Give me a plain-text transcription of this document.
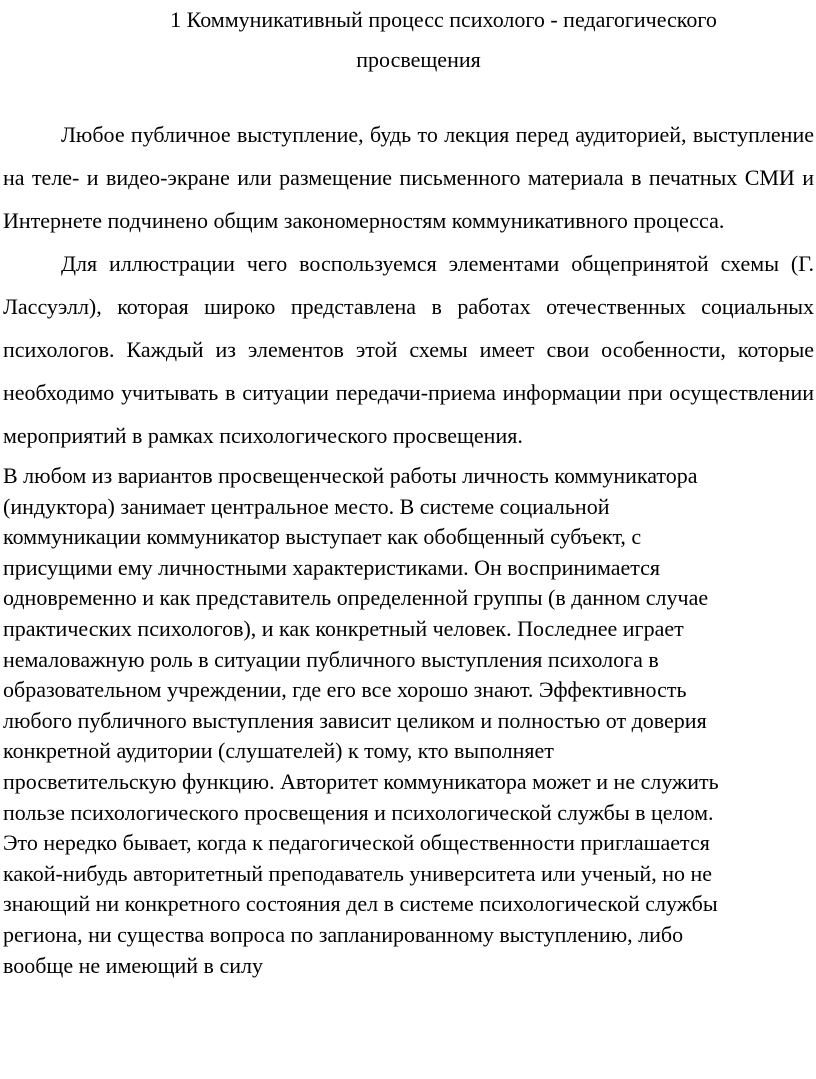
1 Коммуникативный процесс психолого - педагогического
просвещения

Любое публичное выступление, будь то лекция перед аудиторией, выступление на теле- и видео-экране или размещение письменного материала в печатных СМИ и Интернете подчинено общим закономерностям коммуникативного процесса.

Для иллюстрации чего воспользуемся элементами общепринятой схемы (Г. Лассуэлл), которая широко представлена в работах отечественных социальных психологов. Каждый из элементов этой схемы имеет свои особенности, которые необходимо учитывать в ситуации передачи-приема информации при осуществлении мероприятий в рамках психологического просвещения.

В любом из вариантов просвещенческой работы личность коммуникатора
(индуктора) занимает центральное место. В системе социальной
коммуникации коммуникатор выступает как обобщенный субъект, с
присущими ему личностными характеристиками. Он воспринимается
одновременно и как представитель определенной группы (в данном случае
практических психологов), и как конкретный человек. Последнее играет
немаловажную роль в ситуации публичного выступления психолога в
образовательном учреждении, где его все хорошо знают. Эффективность
любого публичного выступления зависит целиком и полностью от доверия
конкретной аудитории (слушателей) к тому, кто выполняет
просветительскую функцию. Авторитет коммуникатора может и не служить
пользе психологического просвещения и психологической службы в целом.
Это нередко бывает, когда к педагогической общественности приглашается
какой-нибудь авторитетный преподаватель университета или ученый, но не
знающий ни конкретного состояния дел в системе психологической службы
региона, ни существа вопроса по запланированному выступлению, либо
вообще не имеющий в силу
